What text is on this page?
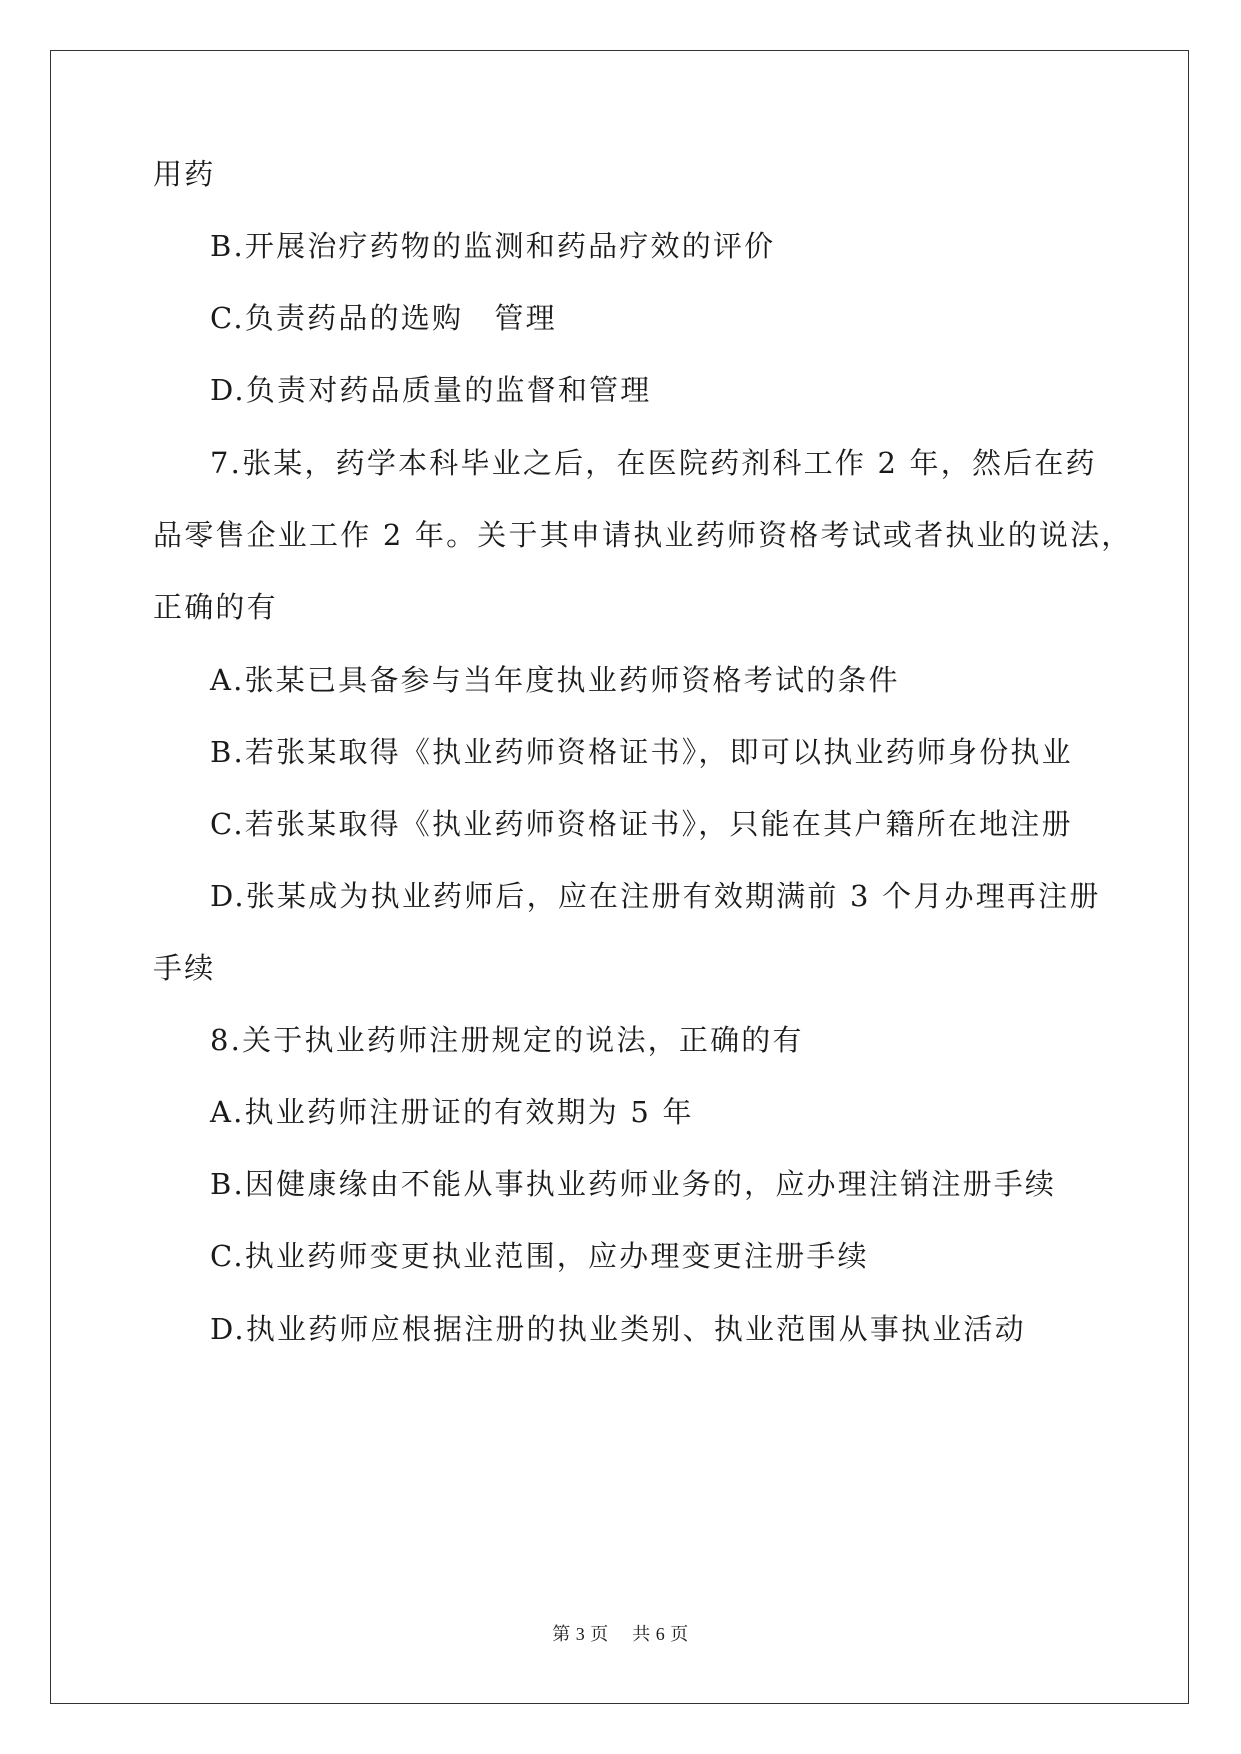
用药
B.开展治疗药物的监测和药品疗效的评价
C.负责药品的选购　管理
D.负责对药品质量的监督和管理
7.张某，药学本科毕业之后，在医院药剂科工作 2 年，然后在药
品零售企业工作 2 年。关于其申请执业药师资格考试或者执业的说法，
正确的有
A.张某已具备参与当年度执业药师资格考试的条件
B.若张某取得《执业药师资格证书》，即可以执业药师身份执业
C.若张某取得《执业药师资格证书》，只能在其户籍所在地注册
D.张某成为执业药师后，应在注册有效期满前 3 个月办理再注册
手续
8.关于执业药师注册规定的说法，正确的有
A.执业药师注册证的有效期为 5 年
B.因健康缘由不能从事执业药师业务的，应办理注销注册手续
C.执业药师变更执业范围，应办理变更注册手续
D.执业药师应根据注册的执业类别、执业范围从事执业活动
第 3 页　 共 6 页
